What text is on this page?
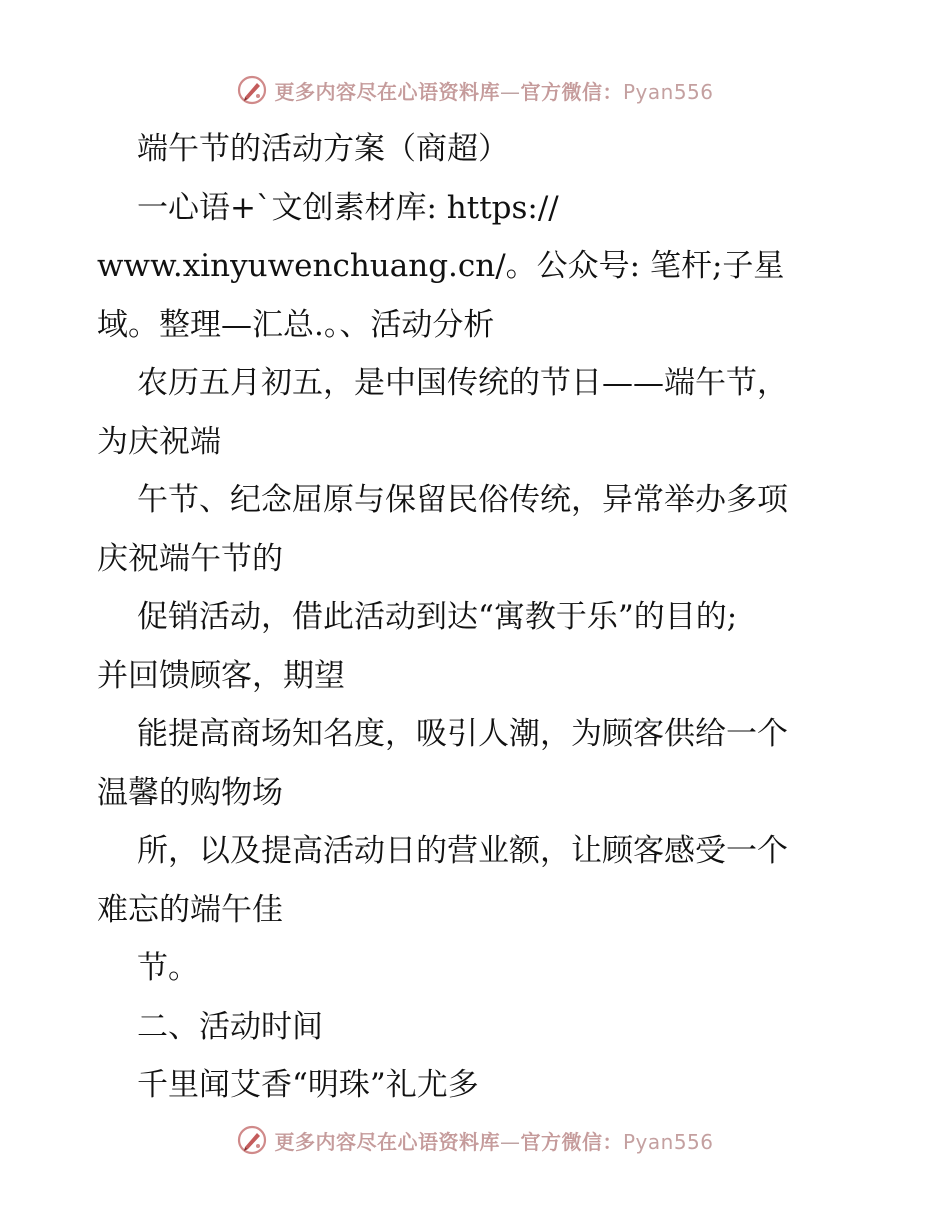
更多内容尽在心语资料库—官方微信：Pyan556
端午节的活动方案（商超）
一心语+`文创素材库: https://
www.xinyuwenchuang.cn/。公众号: 笔杆;子星
域。整理—汇总.。、活动分析
农历五月初五，是中国传统的节日——端午节，
为庆祝端
午节、纪念屈原与保留民俗传统，异常举办多项
庆祝端午节的
促销活动，借此活动到达“寓教于乐”的目的;
并回馈顾客，期望
能提高商场知名度，吸引人潮，为顾客供给一个
温馨的购物场
所，以及提高活动日的营业额，让顾客感受一个
难忘的端午佳
节。
二、活动时间
千里闻艾香“明珠”礼尤多
更多内容尽在心语资料库—官方微信：Pyan556
